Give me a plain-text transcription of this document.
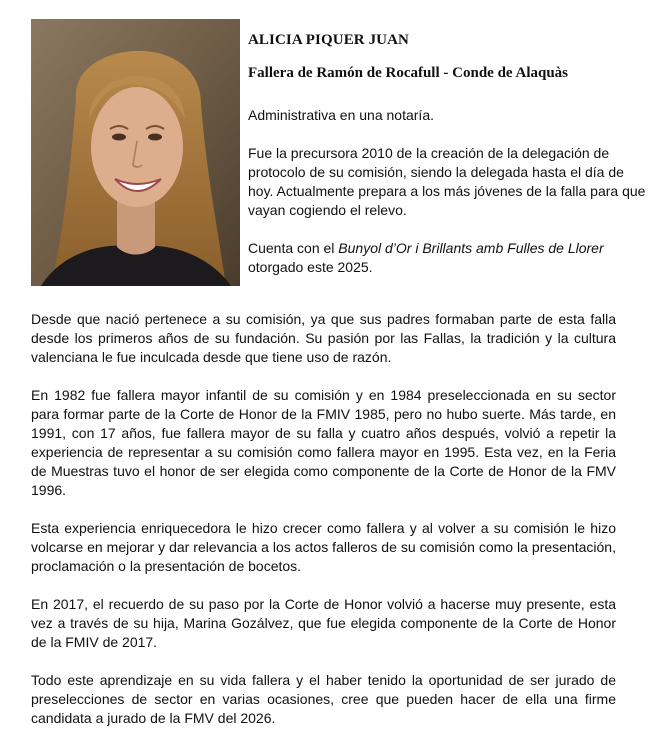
ALICIA PIQUER JUAN
Fallera de Ramón de Rocafull - Conde de Alaquàs

Administrativa en una notaría.

Fue la precursora 2010 de la creación de la delegación de protocolo de su comisión, siendo la delegada hasta el día de hoy. Actualmente prepara a los más jóvenes de la falla para que vayan cogiendo el relevo.

Cuenta con el Bunyol d’Or i Brillants amb Fulles de Llorer otorgado este 2025.

Desde que nació pertenece a su comisión, ya que sus padres formaban parte de esta falla desde los primeros años de su fundación. Su pasión por las Fallas, la tradición y la cultura valenciana le fue inculcada desde que tiene uso de razón.

En 1982 fue fallera mayor infantil de su comisión y en 1984 preseleccionada en su sector para formar parte de la Corte de Honor de la FMIV 1985, pero no hubo suerte. Más tarde, en 1991, con 17 años, fue fallera mayor de su falla y cuatro años después, volvió a repetir la experiencia de representar a su comisión como fallera mayor en 1995. Esta vez, en la Feria de Muestras tuvo el honor de ser elegida como componente de la Corte de Honor de la FMV 1996.

Esta experiencia enriquecedora le hizo crecer como fallera y al volver a su comisión le hizo volcarse en mejorar y dar relevancia a los actos falleros de su comisión como la presentación, proclamación o la presentación de bocetos.

En 2017, el recuerdo de su paso por la Corte de Honor volvió a hacerse muy presente, esta vez a través de su hija, Marina Gozálvez, que fue elegida componente de la Corte de Honor de la FMIV de 2017.

Todo este aprendizaje en su vida fallera y el haber tenido la oportunidad de ser jurado de preselecciones de sector en varias ocasiones, cree que pueden hacer de ella una firme candidata a jurado de la FMV del 2026.
